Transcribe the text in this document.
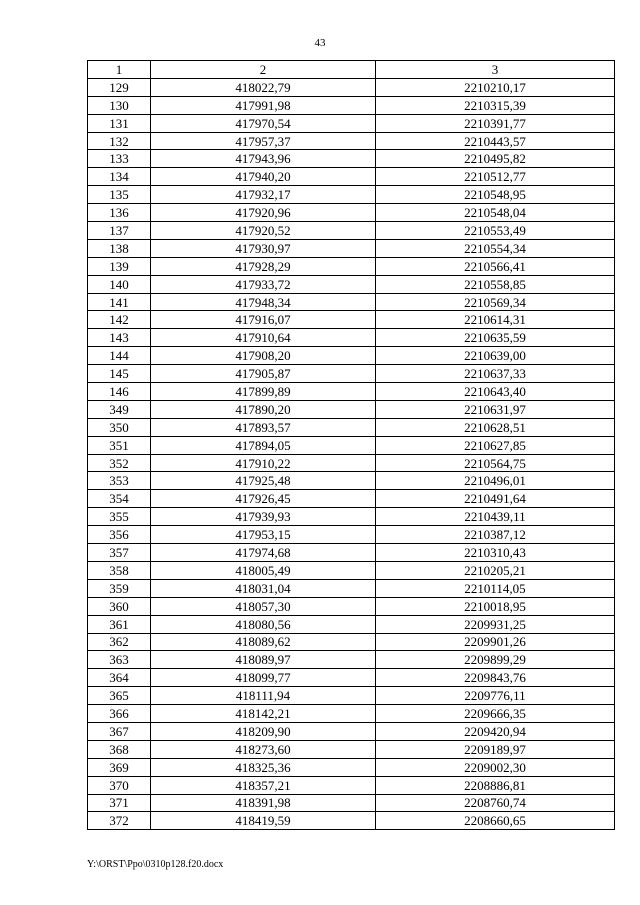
43
1	2	3
129	418022,79	2210210,17
130	417991,98	2210315,39
131	417970,54	2210391,77
132	417957,37	2210443,57
133	417943,96	2210495,82
134	417940,20	2210512,77
135	417932,17	2210548,95
136	417920,96	2210548,04
137	417920,52	2210553,49
138	417930,97	2210554,34
139	417928,29	2210566,41
140	417933,72	2210558,85
141	417948,34	2210569,34
142	417916,07	2210614,31
143	417910,64	2210635,59
144	417908,20	2210639,00
145	417905,87	2210637,33
146	417899,89	2210643,40
349	417890,20	2210631,97
350	417893,57	2210628,51
351	417894,05	2210627,85
352	417910,22	2210564,75
353	417925,48	2210496,01
354	417926,45	2210491,64
355	417939,93	2210439,11
356	417953,15	2210387,12
357	417974,68	2210310,43
358	418005,49	2210205,21
359	418031,04	2210114,05
360	418057,30	2210018,95
361	418080,56	2209931,25
362	418089,62	2209901,26
363	418089,97	2209899,29
364	418099,77	2209843,76
365	418111,94	2209776,11
366	418142,21	2209666,35
367	418209,90	2209420,94
368	418273,60	2209189,97
369	418325,36	2209002,30
370	418357,21	2208886,81
371	418391,98	2208760,74
372	418419,59	2208660,65
Y:\ORST\Ppo\0310p128.f20.docx
